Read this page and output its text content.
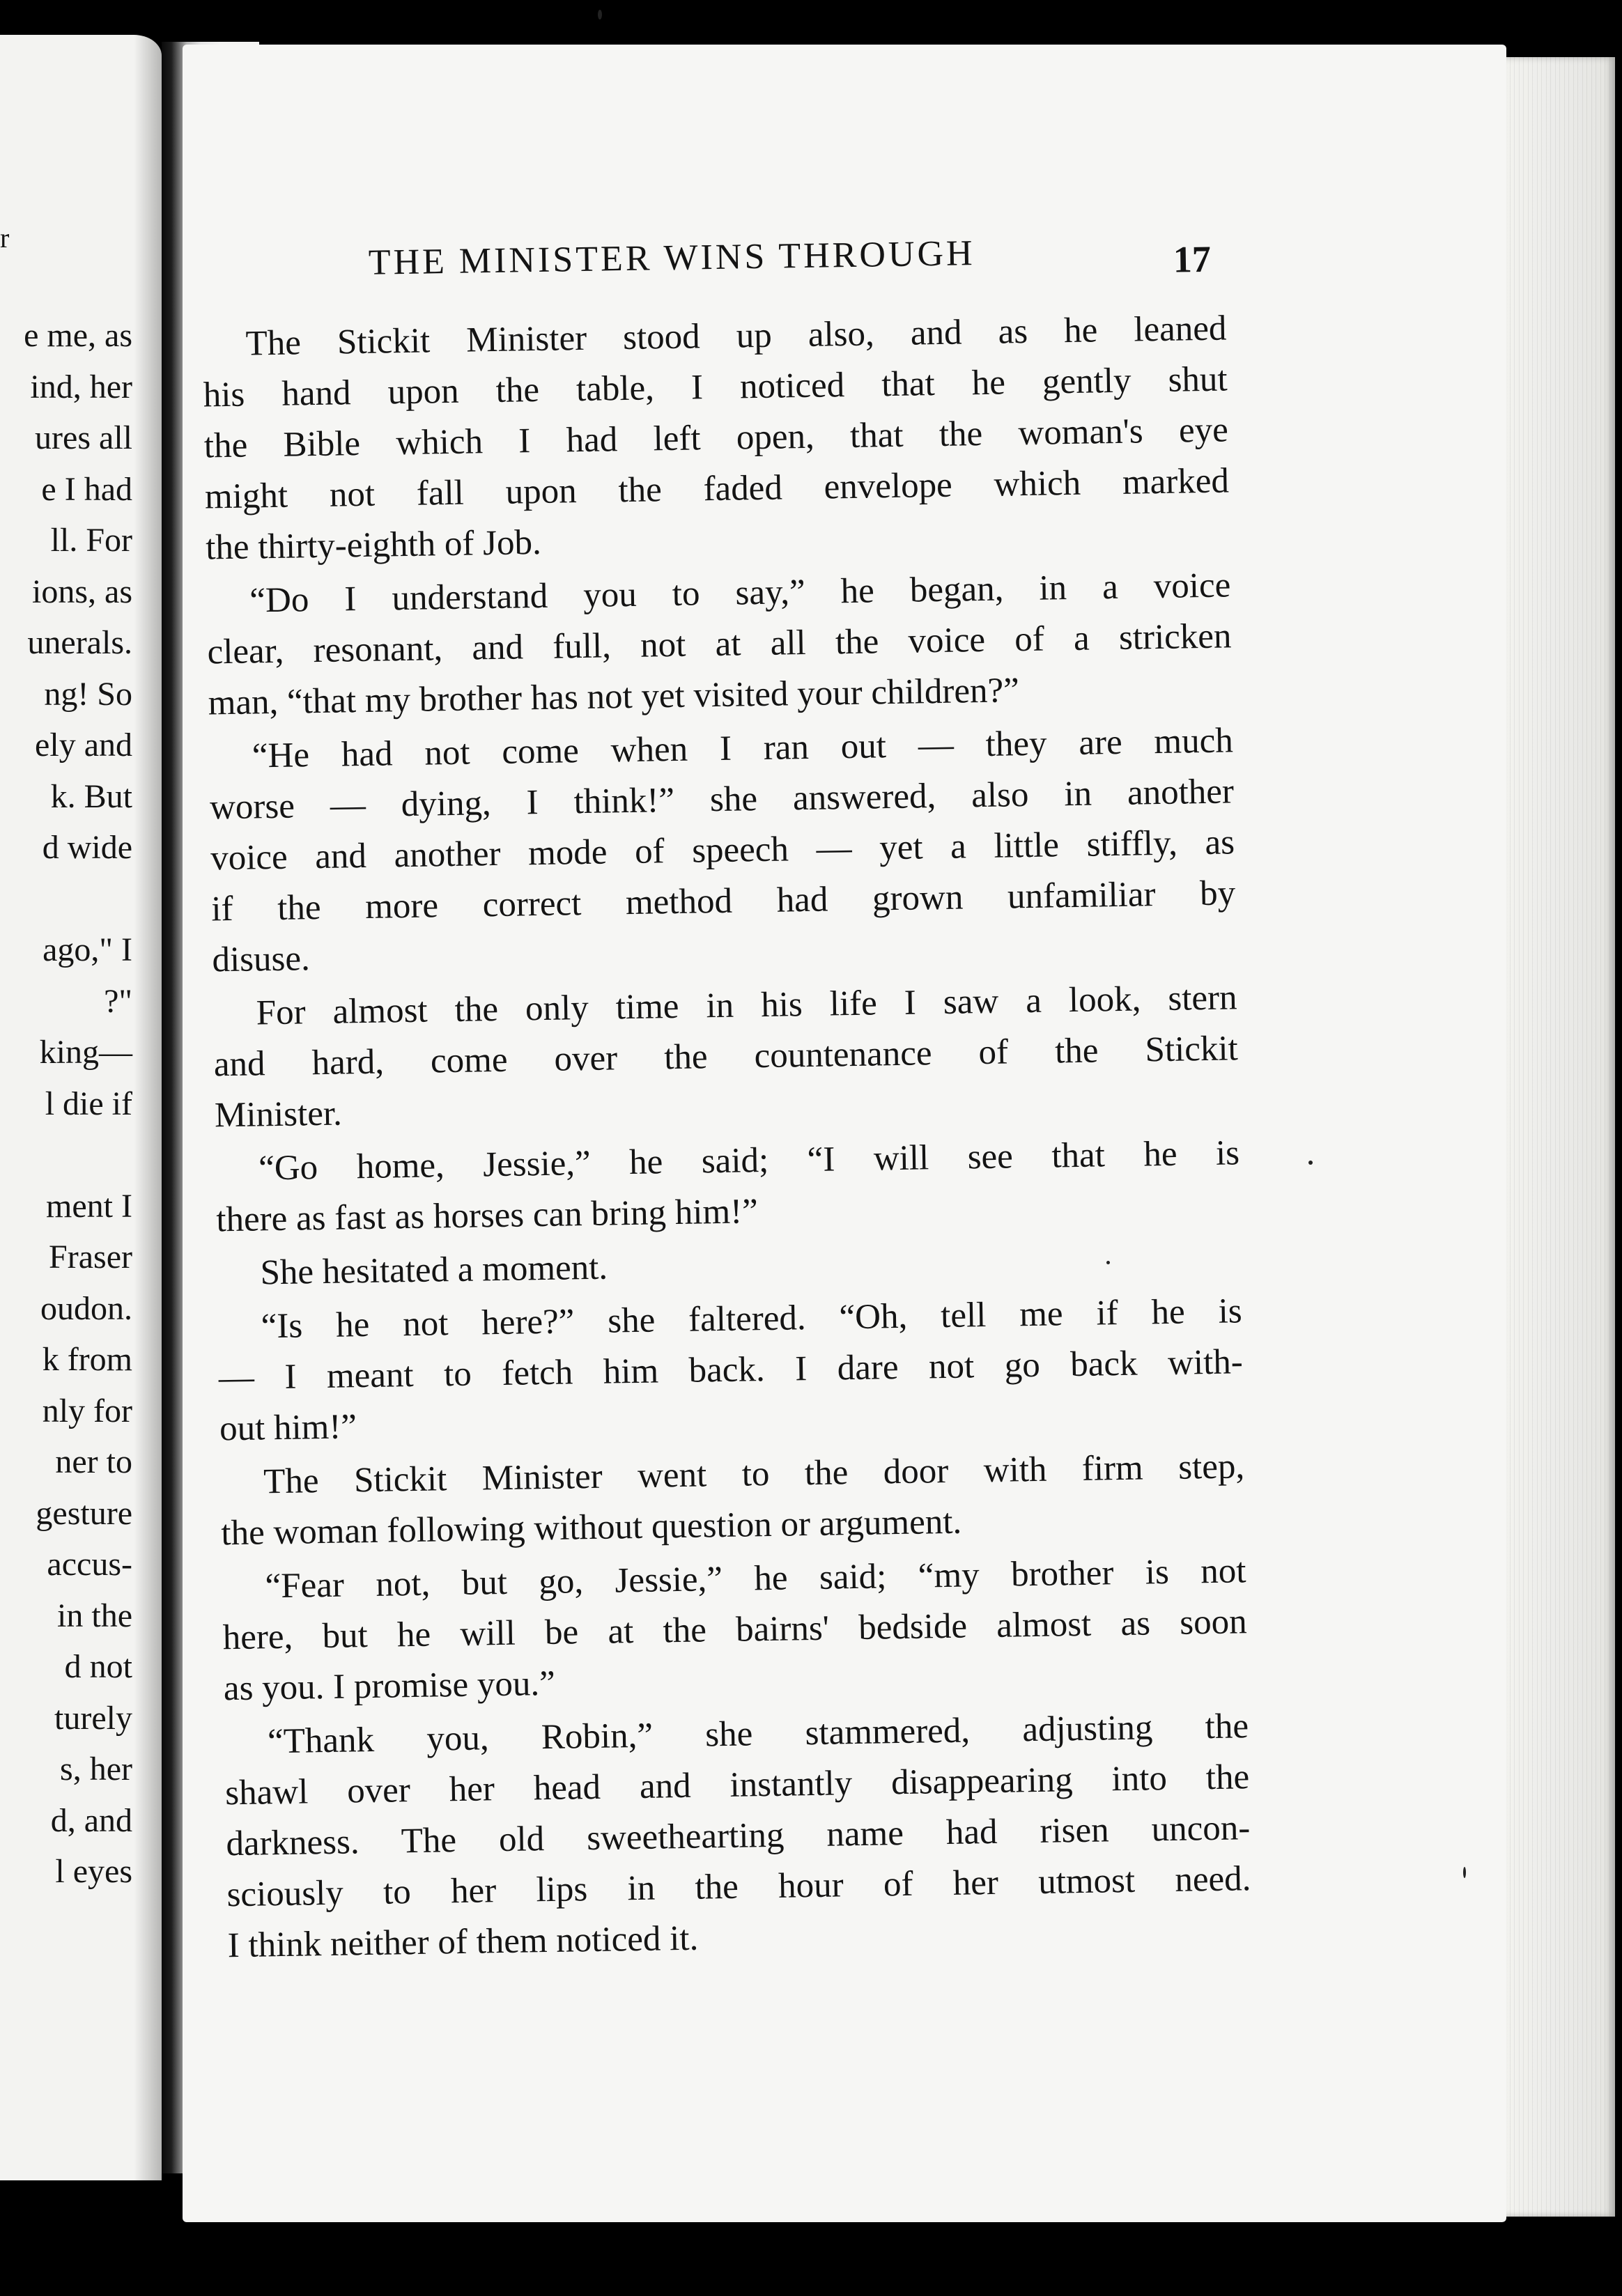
r
e me, as
ind, her
ures all
e I had
ll. For
ions, as
unerals.
ng! So
ely and
k. But
d wide
ago," I
?"
king—
l die if
ment I
Fraser
oudon.
k from
nly for
ner to
gesture
accus-
in the
d not
turely
s, her
d, and
l eyes
THE MINISTER WINS THROUGH	17
The Stickit Minister stood up also, and as he leaned
his hand upon the table, I noticed that he gently shut
the Bible which I had left open, that the woman's eye
might not fall upon the faded envelope which marked
the thirty-eighth of Job.
“Do I understand you to say,” he began, in a voice
clear, resonant, and full, not at all the voice of a stricken
man, “that my brother has not yet visited your children?”
“He had not come when I ran out — they are much
worse — dying, I think!” she answered, also in another
voice and another mode of speech — yet a little stiffly, as
if the more correct method had grown unfamiliar by
disuse.
For almost the only time in his life I saw a look, stern
and hard, come over the countenance of the Stickit
Minister.
“Go home, Jessie,” he said; “I will see that he is
there as fast as horses can bring him!”
She hesitated a moment.
“Is he not here?” she faltered. “Oh, tell me if he is
— I meant to fetch him back. I dare not go back with-
out him!”
The Stickit Minister went to the door with firm step,
the woman following without question or argument.
“Fear not, but go, Jessie,” he said; “my brother is not
here, but he will be at the bairns' bedside almost as soon
as you. I promise you.”
“Thank you, Robin,” she stammered, adjusting the
shawl over her head and instantly disappearing into the
darkness. The old sweethearting name had risen uncon-
sciously to her lips in the hour of her utmost need.
I think neither of them noticed it.
